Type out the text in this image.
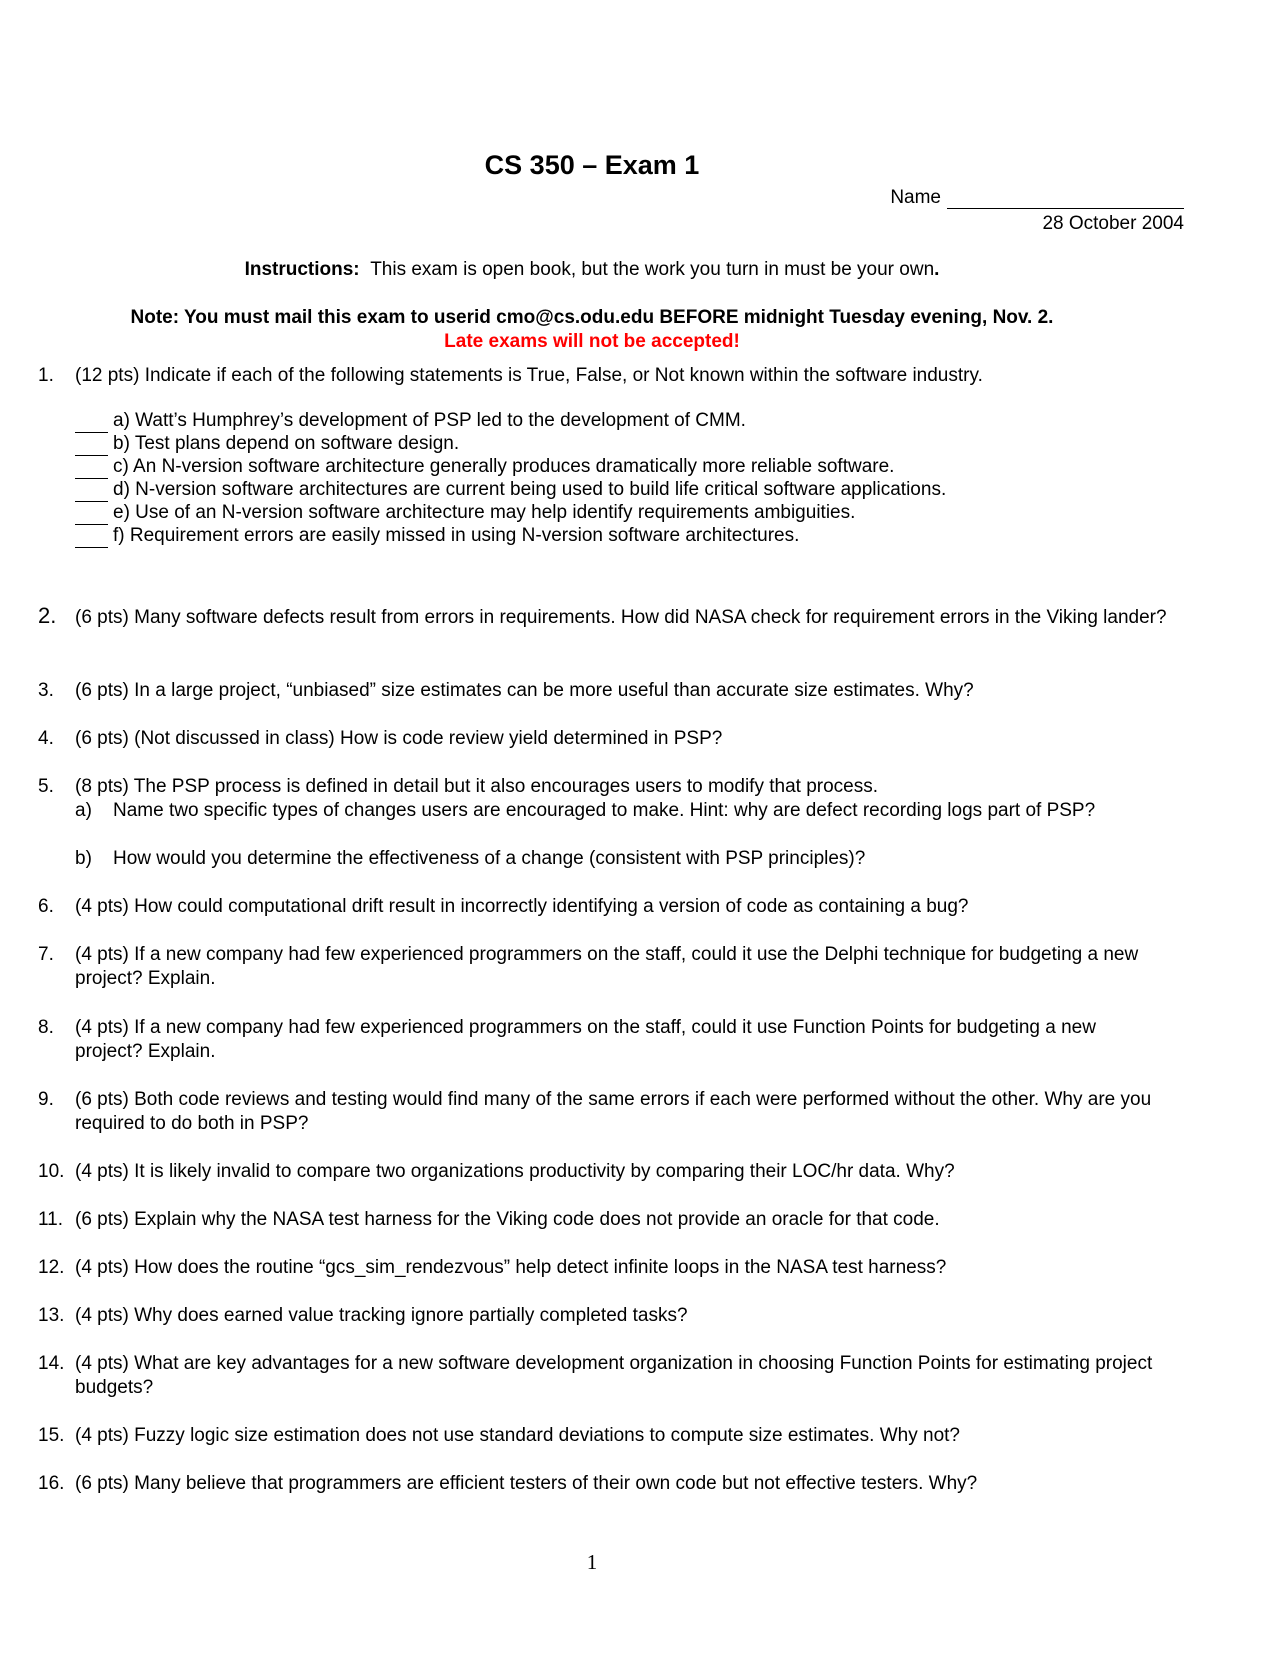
CS 350 – Exam 1
Name
28 October 2004
Instructions: This exam is open book, but the work you turn in must be your own.
Note: You must mail this exam to userid cmo@cs.odu.edu BEFORE midnight Tuesday evening, Nov. 2.
Late exams will not be accepted!
1. (12 pts) Indicate if each of the following statements is True, False, or Not known within the software industry.
a) Watt’s Humphrey’s development of PSP led to the development of CMM.
b) Test plans depend on software design.
c) An N-version software architecture generally produces dramatically more reliable software.
d) N-version software architectures are current being used to build life critical software applications.
e) Use of an N-version software architecture may help identify requirements ambiguities.
f) Requirement errors are easily missed in using N-version software architectures.
2. (6 pts) Many software defects result from errors in requirements. How did NASA check for requirement errors in the Viking lander?
3. (6 pts) In a large project, “unbiased” size estimates can be more useful than accurate size estimates. Why?
4. (6 pts) (Not discussed in class) How is code review yield determined in PSP?
5. (8 pts) The PSP process is defined in detail but it also encourages users to modify that process.
a) Name two specific types of changes users are encouraged to make. Hint: why are defect recording logs part of PSP?
b) How would you determine the effectiveness of a change (consistent with PSP principles)?
6. (4 pts) How could computational drift result in incorrectly identifying a version of code as containing a bug?
7. (4 pts) If a new company had few experienced programmers on the staff, could it use the Delphi technique for budgeting a new project? Explain.
8. (4 pts) If a new company had few experienced programmers on the staff, could it use Function Points for budgeting a new project? Explain.
9. (6 pts) Both code reviews and testing would find many of the same errors if each were performed without the other. Why are you required to do both in PSP?
10. (4 pts) It is likely invalid to compare two organizations productivity by comparing their LOC/hr data. Why?
11. (6 pts) Explain why the NASA test harness for the Viking code does not provide an oracle for that code.
12. (4 pts) How does the routine “gcs_sim_rendezvous” help detect infinite loops in the NASA test harness?
13. (4 pts) Why does earned value tracking ignore partially completed tasks?
14. (4 pts) What are key advantages for a new software development organization in choosing Function Points for estimating project budgets?
15. (4 pts) Fuzzy logic size estimation does not use standard deviations to compute size estimates. Why not?
16. (6 pts) Many believe that programmers are efficient testers of their own code but not effective testers. Why?
1
